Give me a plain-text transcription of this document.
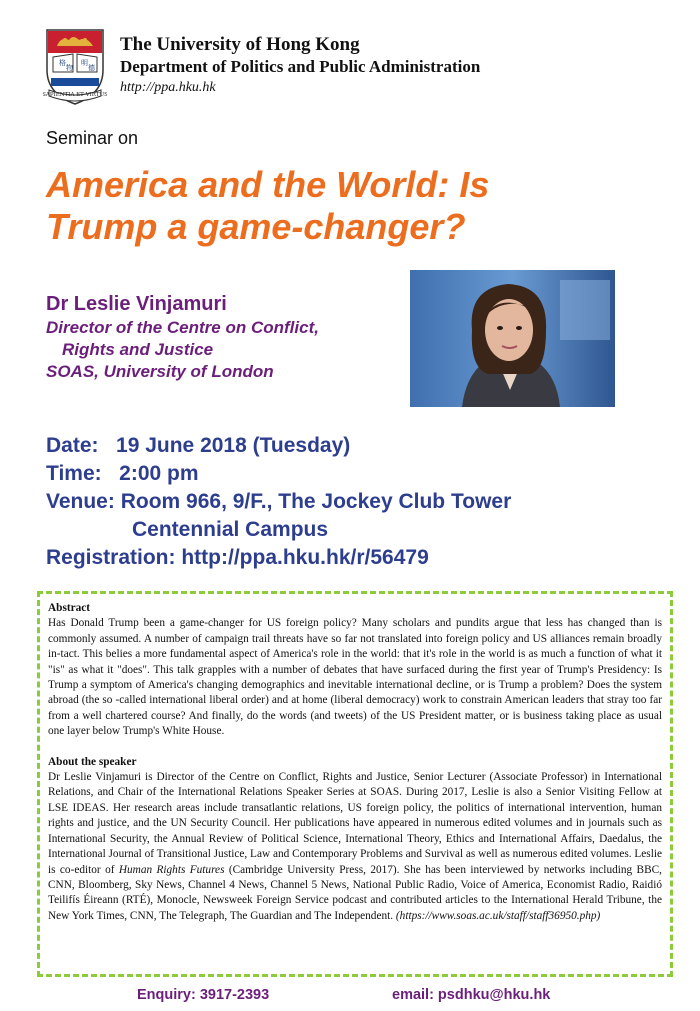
格
物
明
德
SAPIENTIA ET VIRTUS
The University of Hong Kong
Department of Politics and Public Administration
http://ppa.hku.hk
Seminar on
America and the World: Is
Trump a game-changer?
Dr Leslie Vinjamuri
Director of the Centre on Conflict,
Rights and Justice
SOAS, University of London
Date: 19 June 2018 (Tuesday)
Time: 2:00 pm
Venue: Room 966, 9/F., The Jockey Club Tower
Centennial Campus
Registration: http://ppa.hku.hk/r/56479
Abstract
Has Donald Trump been a game-changer for US foreign policy? Many scholars and pundits argue that less has changed than is commonly assumed. A number of campaign trail threats have so far not translated into foreign policy and US alliances remain broadly in-tact. This belies a more fundamental aspect of America's role in the world: that it's role in the world is as much a function of what it "is" as what it "does". This talk grapples with a number of debates that have surfaced during the first year of Trump's Presidency: Is Trump a symptom of America's changing demographics and inevitable international decline, or is Trump a problem? Does the system abroad (the so -called international liberal order) and at home (liberal democracy) work to constrain American leaders that stray too far from a well chartered course? And finally, do the words (and tweets) of the US President matter, or is business taking place as usual one layer below Trump's White House.
About the speaker
Dr Leslie Vinjamuri is Director of the Centre on Conflict, Rights and Justice, Senior Lecturer (Associate Professor) in International Relations, and Chair of the International Relations Speaker Series at SOAS. During 2017, Leslie is also a Senior Visiting Fellow at LSE IDEAS. Her research areas include transatlantic relations, US foreign policy, the politics of international intervention, human rights and justice, and the UN Security Council. Her publications have appeared in numerous edited volumes and in journals such as International Security, the Annual Review of Political Science, International Theory, Ethics and International Affairs, Daedalus, the International Journal of Transitional Justice, Law and Contemporary Problems and Survival as well as numerous edited volumes. Leslie is co-editor of Human Rights Futures (Cambridge University Press, 2017). She has been interviewed by networks including BBC, CNN, Bloomberg, Sky News, Channel 4 News, Channel 5 News, National Public Radio, Voice of America, Economist Radio, Raidió Teilifís Éireann (RTÉ), Monocle, Newsweek Foreign Service podcast and contributed articles to the International Herald Tribune, the New York Times, CNN, The Telegraph, The Guardian and The Independent. (https://www.soas.ac.uk/staff/staff36950.php)
Enquiry: 3917-2393	email: psdhku@hku.hk
